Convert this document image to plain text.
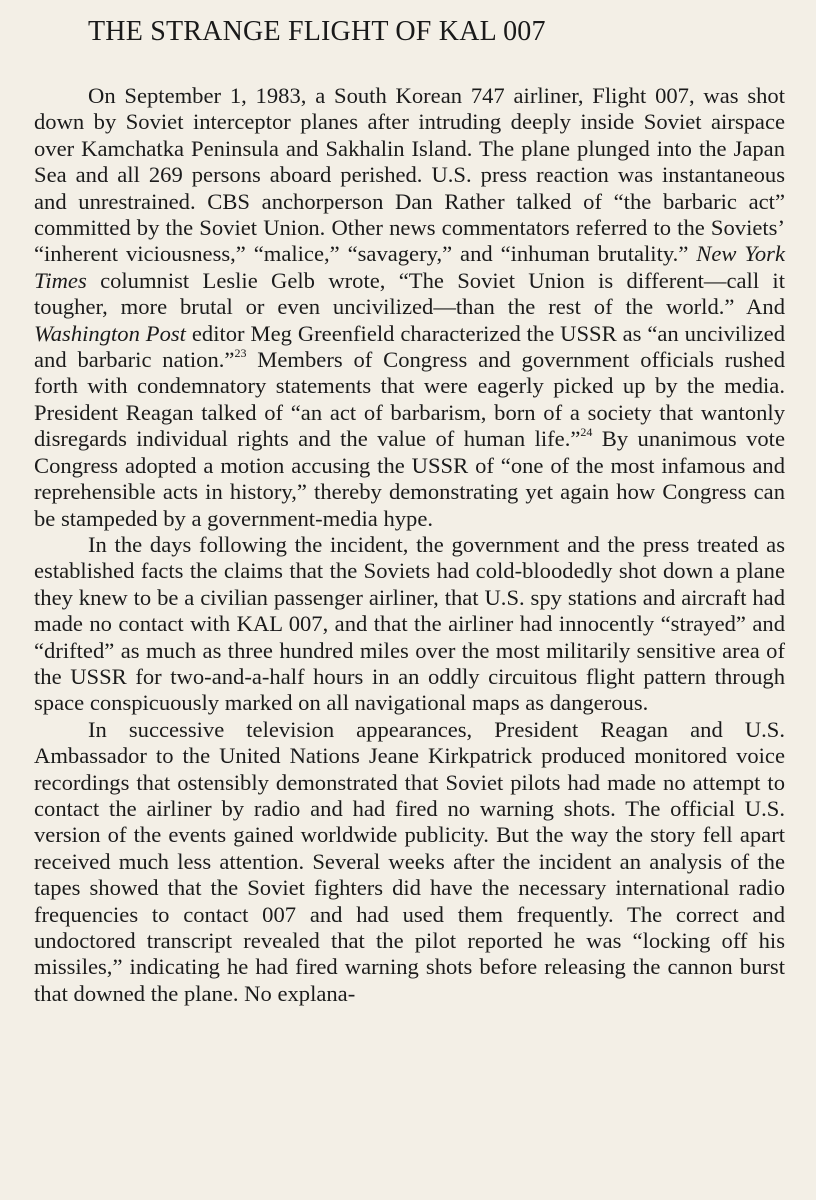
THE STRANGE FLIGHT OF KAL 007

On September 1, 1983, a South Korean 747 airliner, Flight 007, was shot down by Soviet interceptor planes after intruding deeply inside Soviet airspace over Kamchatka Peninsula and Sakhalin Island. The plane plunged into the Japan Sea and all 269 persons aboard perished. U.S. press reaction was instantaneous and unrestrained. CBS anchorperson Dan Rather talked of “the barbaric act” committed by the Soviet Union. Other news commentators referred to the Soviets’ “inherent viciousness,” “malice,” “savagery,” and “inhuman brutality.” New York Times columnist Leslie Gelb wrote, “The Soviet Union is different—call it tougher, more brutal or even uncivilized—than the rest of the world.” And Washington Post editor Meg Greenfield characterized the USSR as “an uncivilized and barbaric nation.”$^{23}$ Members of Congress and government officials rushed forth with condemnatory statements that were eagerly picked up by the media. President Reagan talked of “an act of barbarism, born of a society that wantonly disregards individual rights and the value of human life.”$^{24}$ By unanimous vote Congress adopted a motion accusing the USSR of “one of the most infamous and reprehensible acts in history,” thereby demonstrating yet again how Congress can be stampeded by a government-media hype.

In the days following the incident, the government and the press treated as established facts the claims that the Soviets had cold-bloodedly shot down a plane they knew to be a civilian passenger airliner, that U.S. spy stations and aircraft had made no contact with KAL 007, and that the airliner had innocently “strayed” and “drifted” as much as three hundred miles over the most militarily sensitive area of the USSR for two-and-a-half hours in an oddly circuitous flight pattern through space conspicuously marked on all navigational maps as dangerous.

In successive television appearances, President Reagan and U.S. Ambassador to the United Nations Jeane Kirkpatrick produced monitored voice recordings that ostensibly demonstrated that Soviet pilots had made no attempt to contact the airliner by radio and had fired no warning shots. The official U.S. version of the events gained worldwide publicity. But the way the story fell apart received much less attention. Several weeks after the incident an analysis of the tapes showed that the Soviet fighters did have the necessary international radio frequencies to contact 007 and had used them frequently. The correct and undoctored transcript revealed that the pilot reported he was “locking off his missiles,” indicating he had fired warning shots before releasing the cannon burst that downed the plane. No explana-
